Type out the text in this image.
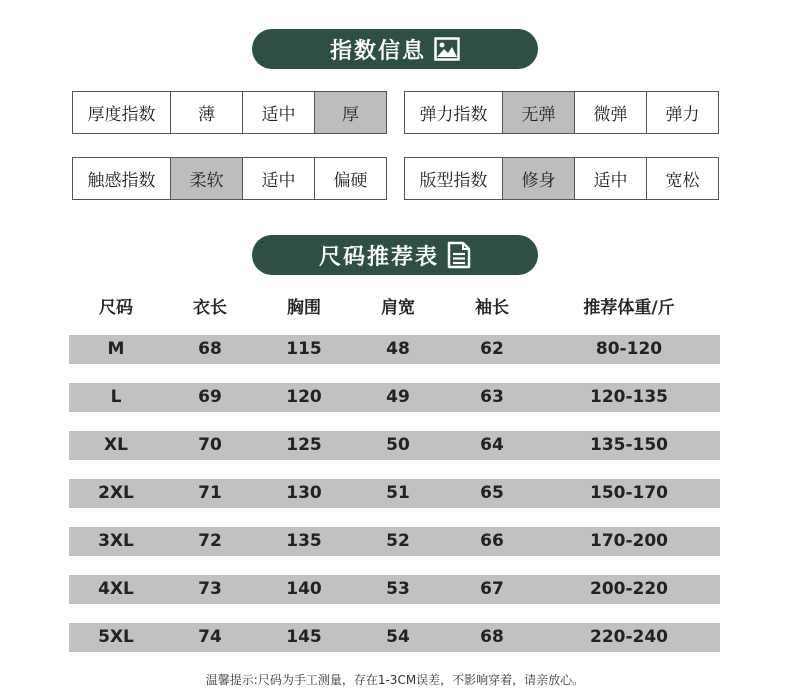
指数信息
厚度指数	薄	适中	厚	弹力指数	无弹	微弹	弹力
触感指数	柔软	适中	偏硬	版型指数	修身	适中	宽松
尺码推荐表
尺码	衣长	胸围	肩宽	袖长	推荐体重/斤
M	68	115	48	62	80-120
L	69	120	49	63	120-135
XL	70	125	50	64	135-150
2XL	71	130	51	65	150-170
3XL	72	135	52	66	170-200
4XL	73	140	53	67	200-220
5XL	74	145	54	68	220-240
温馨提示:尺码为手工测量，存在1-3CM误差，不影响穿着，请亲放心。
